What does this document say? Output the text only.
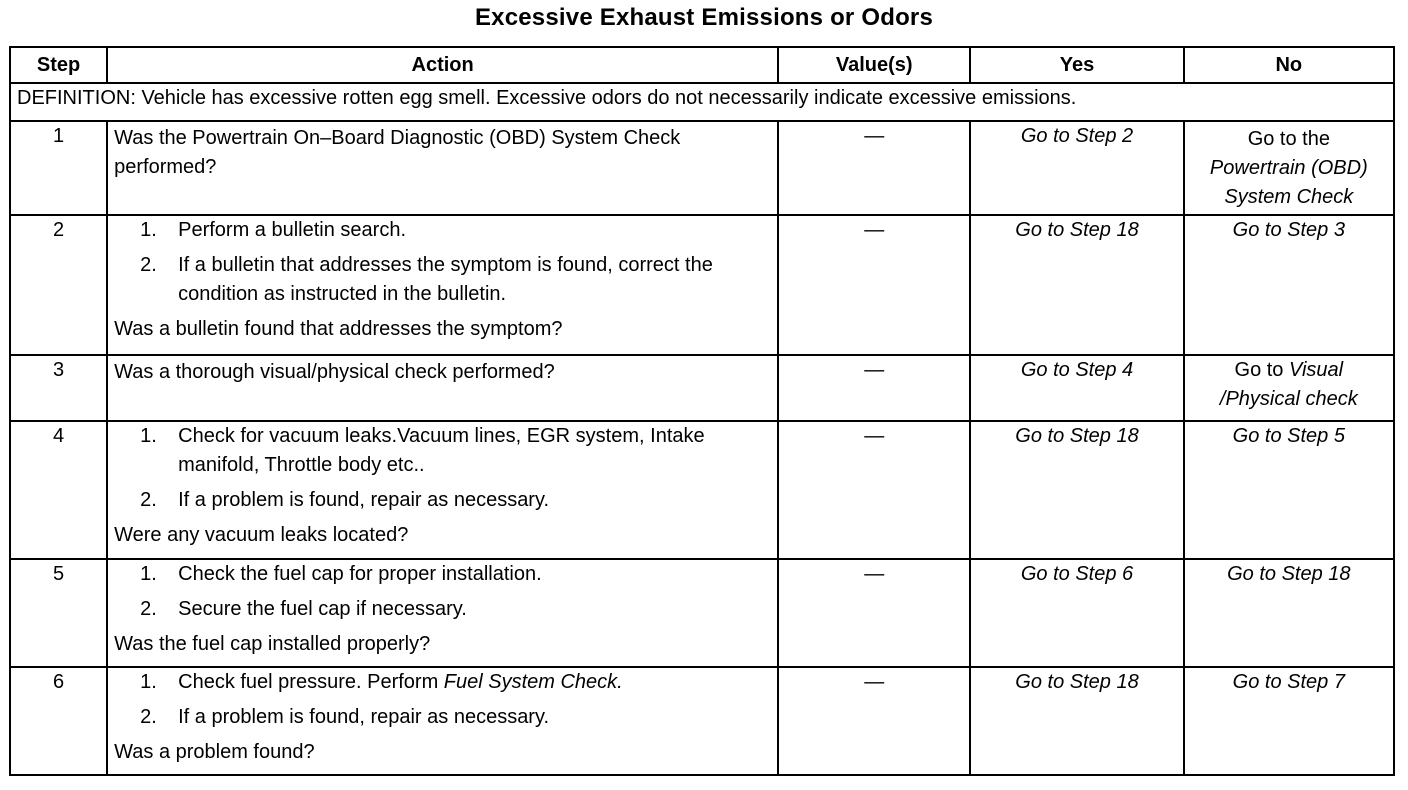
Excessive Exhaust Emissions or Odors
Step	Action	Value(s)	Yes	No
DEFINITION: Vehicle has excessive rotten egg smell. Excessive odors do not necessarily indicate excessive emissions.				
1	Was the Powertrain On–Board Diagnostic (OBD) System Check performed?	—	Go to Step 2	Go to the
Powertrain (OBD)
System Check

2	1. Perform a bulletin search.
2. If a bulletin that addresses the symptom is found, correct the condition as instructed in the bulletin.
Was a bulletin found that addresses the symptom?	—	Go to Step 18	Go to Step 3
3	Was a thorough visual/physical check performed?	—	Go to Step 4	Go to Visual
/Physical check

4	1. Check for vacuum leaks.Vacuum lines, EGR system, Intake manifold, Throttle body etc..
2. If a problem is found, repair as necessary.
Were any vacuum leaks located?	—	Go to Step 18	Go to Step 5
5	1. Check the fuel cap for proper installation.
2. Secure the fuel cap if necessary.
Was the fuel cap installed properly?	—	Go to Step 6	Go to Step 18
6	1. Check fuel pressure. Perform Fuel System Check.
2. If a problem is found, repair as necessary.
Was a problem found?	—	Go to Step 18	Go to Step 7
